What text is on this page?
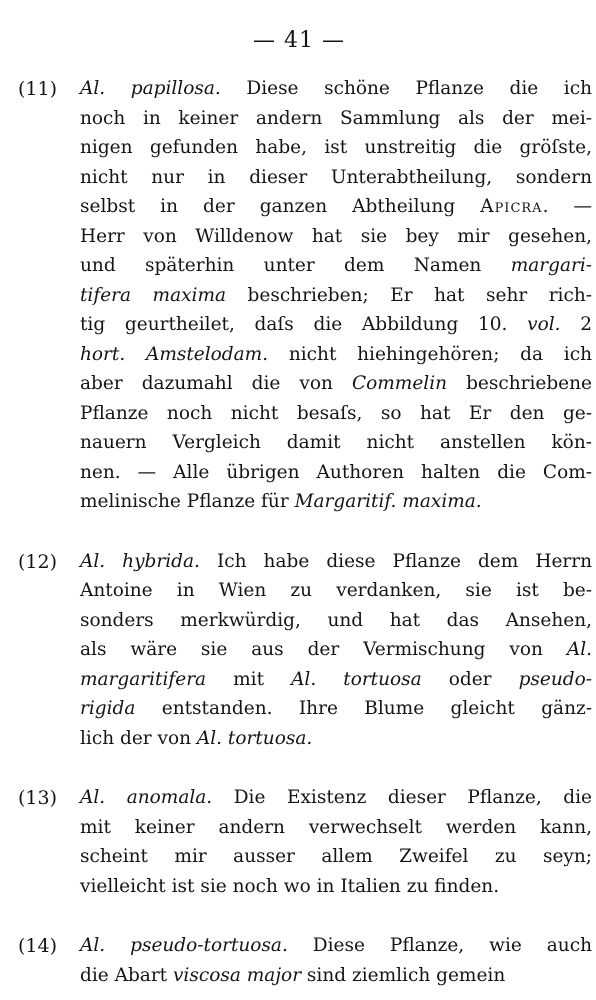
— 41 —
(11) Al. papillosa. Diese schöne Pflanze die ich
noch in keiner andern Sammlung als der mei-
nigen gefunden habe, ist unstreitig die gröſste,
nicht nur in dieser Unterabtheilung, sondern
selbst in der ganzen Abtheilung Apicra. —
Herr von Willdenow hat sie bey mir gesehen,
und späterhin unter dem Namen margari-
tifera maxima beschrieben; Er hat sehr rich-
tig geurtheilet, daſs die Abbildung 10. vol. 2
hort. Amstelodam. nicht hiehingehören; da ich
aber dazumahl die von Commelin beschriebene
Pflanze noch nicht besaſs, so hat Er den ge-
nauern Vergleich damit nicht anstellen kön-
nen. — Alle übrigen Authoren halten die Com-
melinische Pflanze für Margaritif. maxima.
(12) Al. hybrida. Ich habe diese Pflanze dem Herrn
Antoine in Wien zu verdanken, sie ist be-
sonders merkwürdig, und hat das Ansehen,
als wäre sie aus der Vermischung von Al.
margaritifera mit Al. tortuosa oder pseudo-
rigida entstanden. Ihre Blume gleicht gänz-
lich der von Al. tortuosa.
(13) Al. anomala. Die Existenz dieser Pflanze, die
mit keiner andern verwechselt werden kann,
scheint mir ausser allem Zweifel zu seyn;
vielleicht ist sie noch wo in Italien zu finden.
(14) Al. pseudo-tortuosa. Diese Pflanze, wie auch
die Abart viscosa major sind ziemlich gemein
